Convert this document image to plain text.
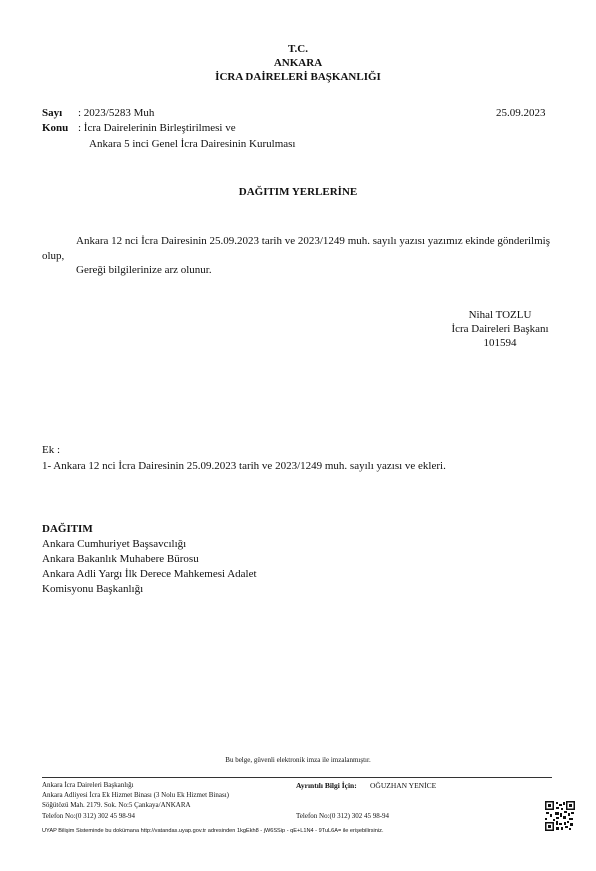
T.C.
ANKARA
İCRA DAİRELERİ BAŞKANLIĞI
Sayı : 2023/5283 Muh	25.09.2023
Konu : İcra Dairelerinin Birleştirilmesi ve
Ankara 5 inci Genel İcra Dairesinin Kurulması
DAĞITIM YERLERİNE
Ankara 12 nci İcra Dairesinin 25.09.2023 tarih ve 2023/1249 muh. sayılı yazısı yazımız ekinde gönderilmiş olup,
Gereği bilgilerinize arz olunur.
Nihal TOZLU
İcra Daireleri Başkanı
101594
Ek :
1- Ankara 12 nci İcra Dairesinin 25.09.2023 tarih ve 2023/1249 muh. sayılı yazısı ve ekleri.
DAĞITIM
Ankara Cumhuriyet Başsavcılığı
Ankara Bakanlık Muhabere Bürosu
Ankara Adli Yargı İlk Derece Mahkemesi Adalet
Komisyonu Başkanlığı
Bu belge, güvenli elektronik imza ile imzalanmıştır.
Ankara İcra Daireleri Başkanlığı
Ankara Adliyesi İcra Ek Hizmet Binası (3 Nolu Ek Hizmet Binası)
Söğütözü Mah. 2179. Sok. No:5 Çankaya/ANKARA
Telefon No:(0 312) 302 45 98-94
Ayrıntılı Bilgi İçin: OĞUZHAN YENİCE
Telefon No:(0 312) 302 45 98-94
UYAP Bilişim Sisteminde bu dokümana http://vatandas.uyap.gov.tr adresinden 1kgEkh8 - jW6SSip - qE+L1N4 - 9TuL6A= ile erişebilirsiniz.
